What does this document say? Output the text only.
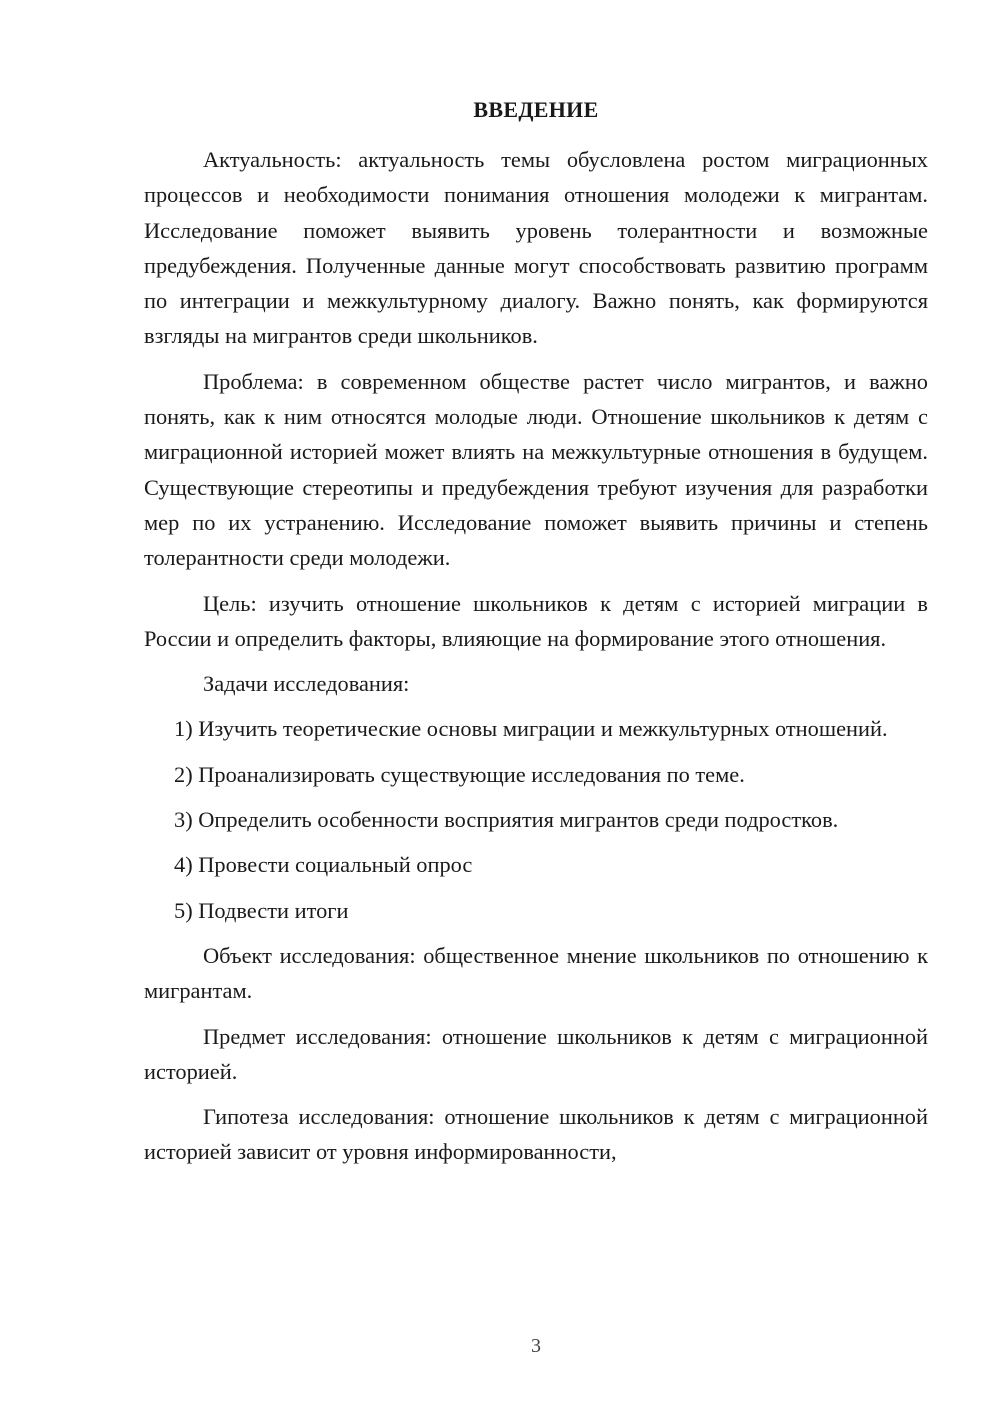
ВВЕДЕНИЕ

Актуальность: актуальность темы обусловлена ростом миграционных процессов и необходимости понимания отношения молодежи к мигрантам. Исследование поможет выявить уровень толерантности и возможные предубеждения. Полученные данные могут способствовать развитию программ по интеграции и межкультурному диалогу. Важно понять, как формируются взгляды на мигрантов среди школьников.

Проблема: в современном обществе растет число мигрантов, и важно понять, как к ним относятся молодые люди. Отношение школьников к детям с миграционной историей может влиять на межкультурные отношения в будущем. Существующие стереотипы и предубеждения требуют изучения для разработки мер по их устранению. Исследование поможет выявить причины и степень толерантности среди молодежи.

Цель: изучить отношение школьников к детям с историей миграции в России и определить факторы, влияющие на формирование этого отношения.

Задачи исследования:

1) Изучить теоретические основы миграции и межкультурных отношений.

2) Проанализировать существующие исследования по теме.

3) Определить особенности восприятия мигрантов среди подростков.

4) Провести социальный опрос

5) Подвести итоги

Объект исследования: общественное мнение школьников по отношению к мигрантам.

Предмет исследования: отношение школьников к детям с миграционной историей.

Гипотеза исследования: отношение школьников к детям с миграционной историей зависит от уровня информированности,

3
